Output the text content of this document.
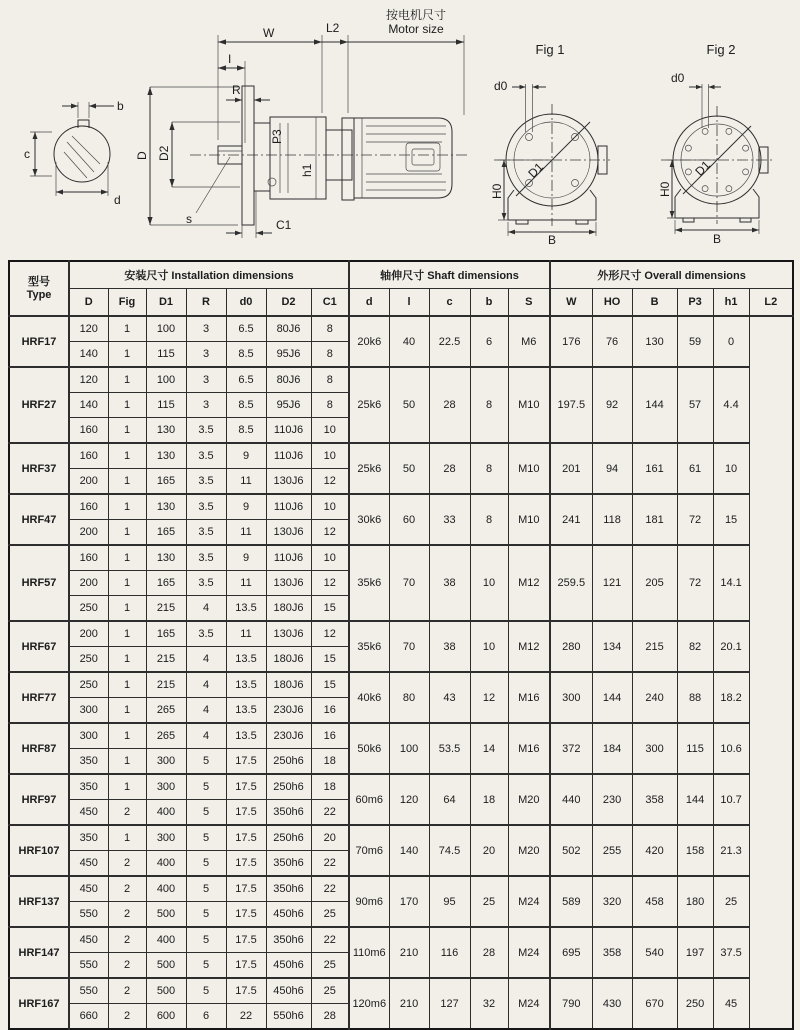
b
c
d
W	L2
按电机尺寸
Motor size
I
R
D D2
P3
h1
C1
s
Fig 1
d0
D1
H0
B
Fig 2
d0
D1
H0
B
型号
Type	安装尺寸 Installation dimensions							轴伸尺寸 Shaft dimensions					外形尺寸 Overall dimensions					
	D	Fig	D1	R	d0	D2	C1	d	l	c	b	S	W	HO	B	P3	h1	L2
HRF17	120	1	100	3	6.5	80J6	8	20k6	40	22.5	6	M6	176	76	130	59	0	
	140	1	115	3	8.5	95J6	8											
HRF27	120	1	100	3	6.5	80J6	8	25k6	50	28	8	M10	197.5	92	144	57	4.4	
	140	1	115	3	8.5	95J6	8											
	160	1	130	3.5	8.5	110J6	10											
HRF37	160	1	130	3.5	9	110J6	10	25k6	50	28	8	M10	201	94	161	61	10	
	200	1	165	3.5	11	130J6	12											
HRF47	160	1	130	3.5	9	110J6	10	30k6	60	33	8	M10	241	118	181	72	15	
	200	1	165	3.5	11	130J6	12											
HRF57	160	1	130	3.5	9	110J6	10	35k6	70	38	10	M12	259.5	121	205	72	14.1	
	200	1	165	3.5	11	130J6	12											
	250	1	215	4	13.5	180J6	15											
HRF67	200	1	165	3.5	11	130J6	12	35k6	70	38	10	M12	280	134	215	82	20.1	
	250	1	215	4	13.5	180J6	15											
HRF77	250	1	215	4	13.5	180J6	15	40k6	80	43	12	M16	300	144	240	88	18.2	
	300	1	265	4	13.5	230J6	16											
HRF87	300	1	265	4	13.5	230J6	16	50k6	100	53.5	14	M16	372	184	300	115	10.6	
	350	1	300	5	17.5	250h6	18											
HRF97	350	1	300	5	17.5	250h6	18	60m6	120	64	18	M20	440	230	358	144	10.7	
	450	2	400	5	17.5	350h6	22											
HRF107	350	1	300	5	17.5	250h6	20	70m6	140	74.5	20	M20	502	255	420	158	21.3	
	450	2	400	5	17.5	350h6	22											
HRF137	450	2	400	5	17.5	350h6	22	90m6	170	95	25	M24	589	320	458	180	25	
	550	2	500	5	17.5	450h6	25											
HRF147	450	2	400	5	17.5	350h6	22	110m6	210	116	28	M24	695	358	540	197	37.5	
	550	2	500	5	17.5	450h6	25											
HRF167	550	2	500	5	17.5	450h6	25	120m6	210	127	32	M24	790	430	670	250	45	
	660	2	600	6	22	550h6	28											
